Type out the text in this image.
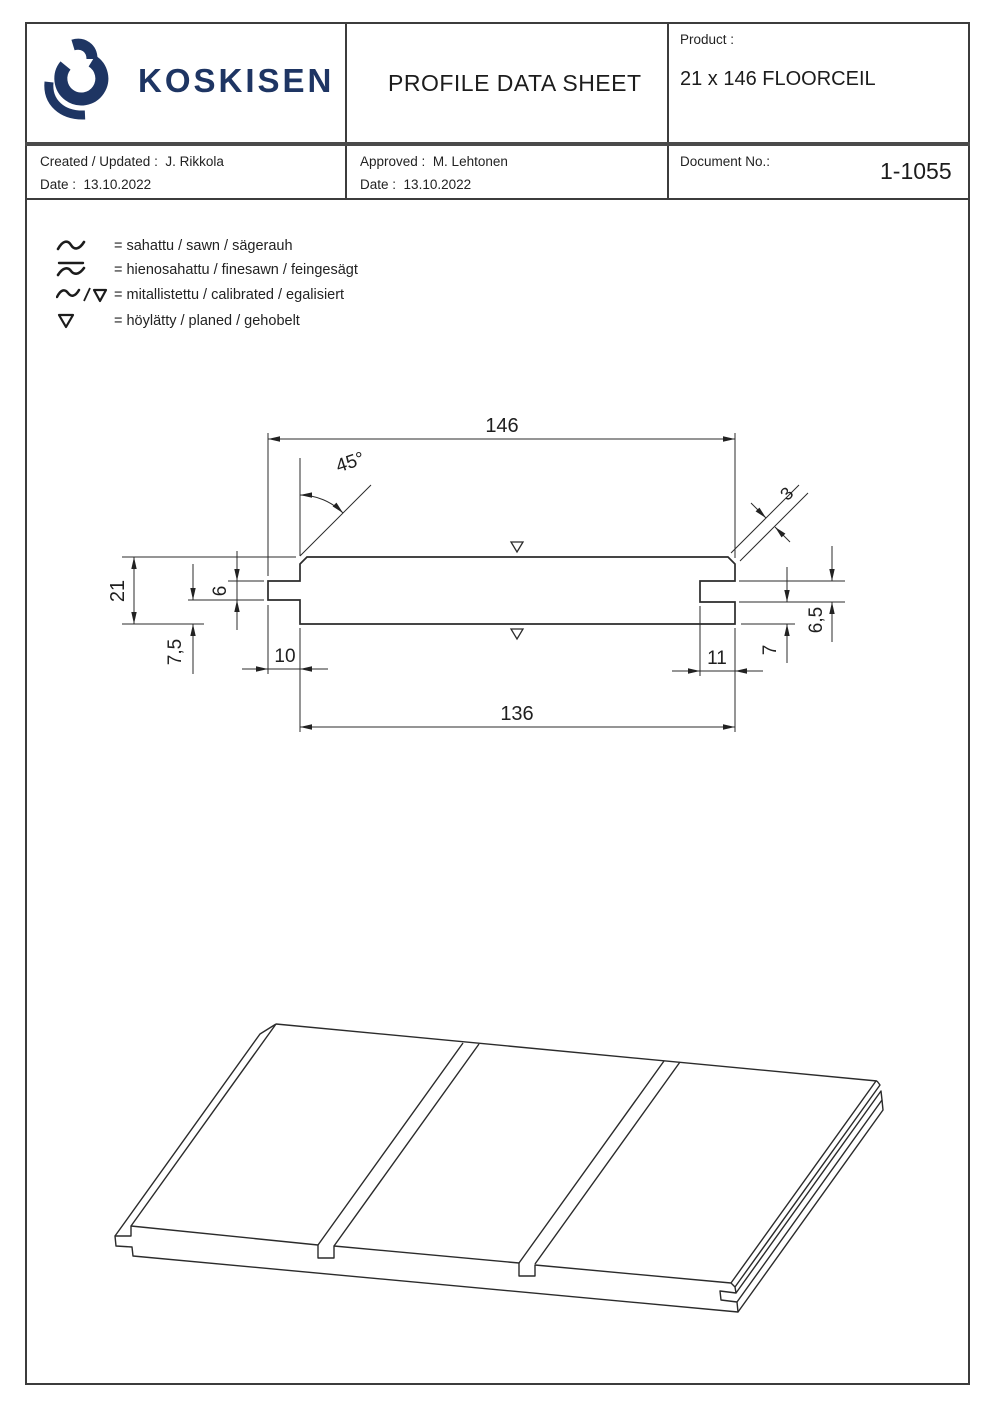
KOSKISEN PROFILE DATA SHEET
Product :
21 x 146 FLOORCEIL
Created / Updated : J. Rikkola
Date : 13.10.2022
Approved : M. Lehtonen
Date : 13.10.2022
Document No.:	1-1055
= sahattu / sawn / sägerauh
= hienosahattu / finesawn / feingesägt
= mitallistettu / calibrated / egalisiert
= höylätty / planed / gehobelt
146
45°
3
21	6
7,5	10
136
11 7
6,5
